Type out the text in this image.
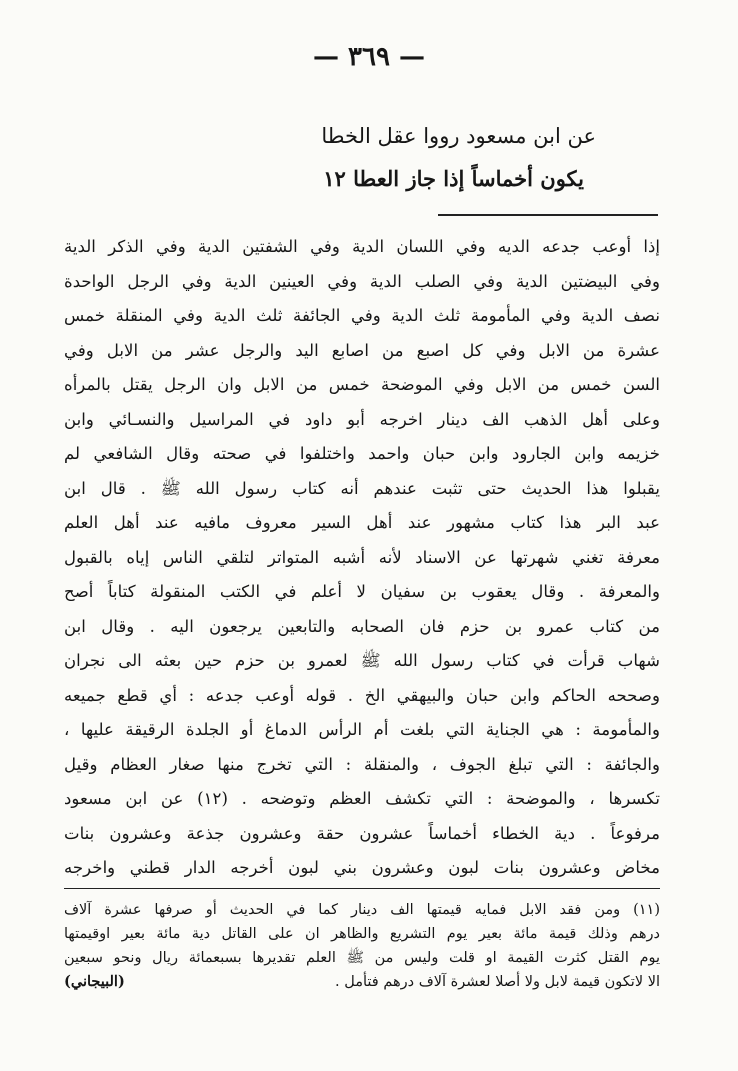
— ٣٦٩ —
عن ابن مسعود رووا عقل الخطا
يكون أخماساً إذا جاز العطا ١٢
إذا أوعب جدعه الديه وفي اللسان الدية وفي الشفتين الدية وفي الذكر الدية
وفي البيضتين الدية وفي الصلب الدية وفي العينين الدية وفي الرجل الواحدة
نصف الدية وفي المأمومة ثلث الدية وفي الجائفة ثلث الدية وفي المنقلة خمس
عشرة من الابل وفي كل اصبع من اصابع اليد والرجل عشر من الابل وفي
السن خمس من الابل وفي الموضحة خمس من الابل وان الرجل يقتل بالمرأه
وعلى أهل الذهب الف دينار اخرجه أبو داود في المراسيل والنسـائي وابن
خزيمه وابن الجارود وابن حبان واحمد واختلفوا في صحته وقال الشافعي لم
يقبلوا هذا الحديث حتى تثبت عندهم أنه كتاب رسول الله ﷺ . قال ابن
عبد البر هذا كتاب مشهور عند أهل السير معروف مافيه عند أهل العلم
معرفة تغني شهرتها عن الاسناد لأنه أشبه المتواتر لتلقي الناس إياه بالقبول
والمعرفة . وقال يعقوب بن سفيان لا أعلم في الكتب المنقولة كتاباً أصح
من كتاب عمرو بن حزم فان الصحابه والتابعين يرجعون اليه . وقال ابن
شهاب قرأت في كتاب رسول الله ﷺ لعمرو بن حزم حين بعثه الى نجران
وصححه الحاكم وابن حبان والبيهقي الخ . قوله أوعب جدعه : أي قطع جميعه
والمأمومة : هي الجناية التي بلغت أم الرأس الدماغ أو الجلدة الرقيقة عليها ،
والجائفة : التي تبلغ الجوف ، والمنقلة : التي تخرج منها صغار العظام وقيل
تكسرها ، والموضحة : التي تكشف العظم وتوضحه . (١٢) عن ابن مسعود
مرفوعاً . دية الخطاء أخماساً عشرون حقة وعشرون جذعة وعشرون بنات
مخاض وعشرون بنات لبون وعشرون بني لبون أخرجه الدار قطني واخرجه
(١١) ومن فقد الابل فمايه قيمتها الف دينار كما في الحديث أو صرفها عشرة آلاف
درهم وذلك قيمة مائة بعير يوم التشريع والظاهر ان على القاتل دية مائة بعير اوقيمتها
يوم القتل كثرت القيمة او قلت وليس من ﷺ العلم تقديرها بسبعمائة ريال ونحو سبعين
الا لاتكون قيمة لابل ولا أصلا لعشرة آلاف درهم فتأمل .
(البيجاني)
